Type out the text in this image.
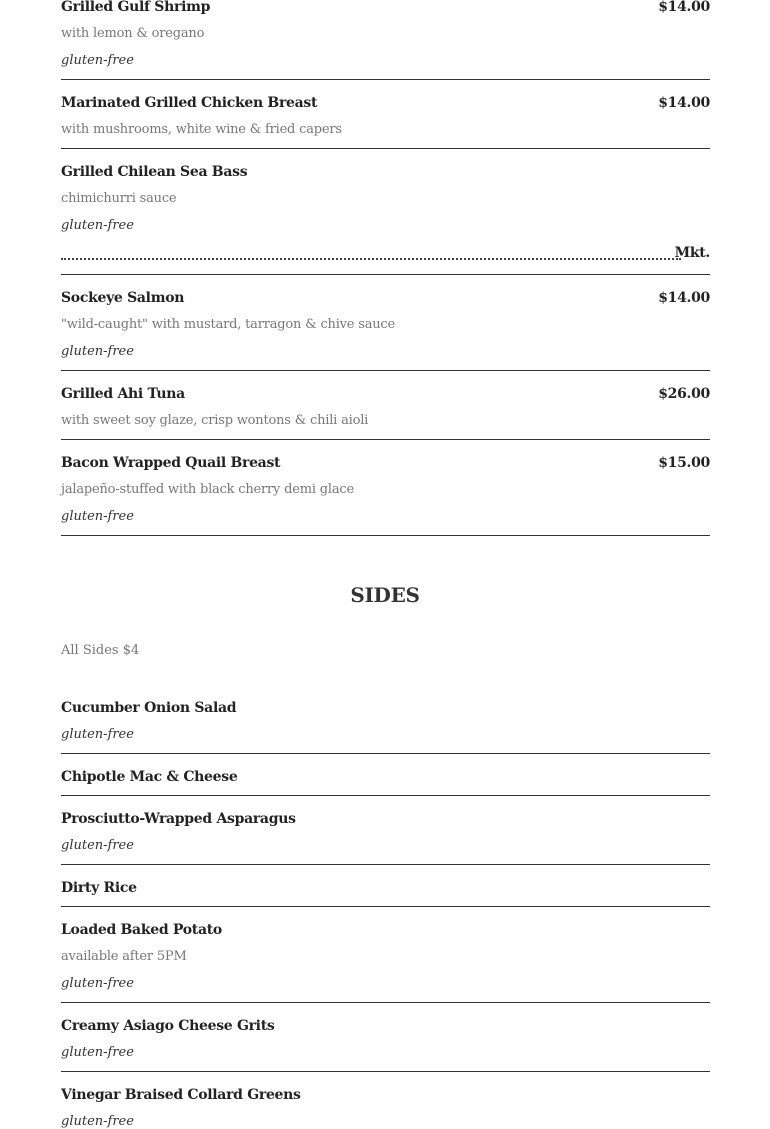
Grilled Gulf Shrimp	$14.00
with lemon & oregano
gluten-free
Marinated Grilled Chicken Breast	$14.00
with mushrooms, white wine & fried capers
Grilled Chilean Sea Bass
chimichurri sauce
gluten-free
Mkt.
Sockeye Salmon	$14.00
"wild-caught" with mustard, tarragon & chive sauce
gluten-free
Grilled Ahi Tuna	$26.00
with sweet soy glaze, crisp wontons & chili aioli
Bacon Wrapped Quail Breast	$15.00
jalapeño-stuffed with black cherry demi glace
gluten-free
SIDES
All Sides $4
Cucumber Onion Salad
gluten-free
Chipotle Mac & Cheese
Prosciutto-Wrapped Asparagus
gluten-free
Dirty Rice
Loaded Baked Potato
available after 5PM
gluten-free
Creamy Asiago Cheese Grits
gluten-free
Vinegar Braised Collard Greens
gluten-free
